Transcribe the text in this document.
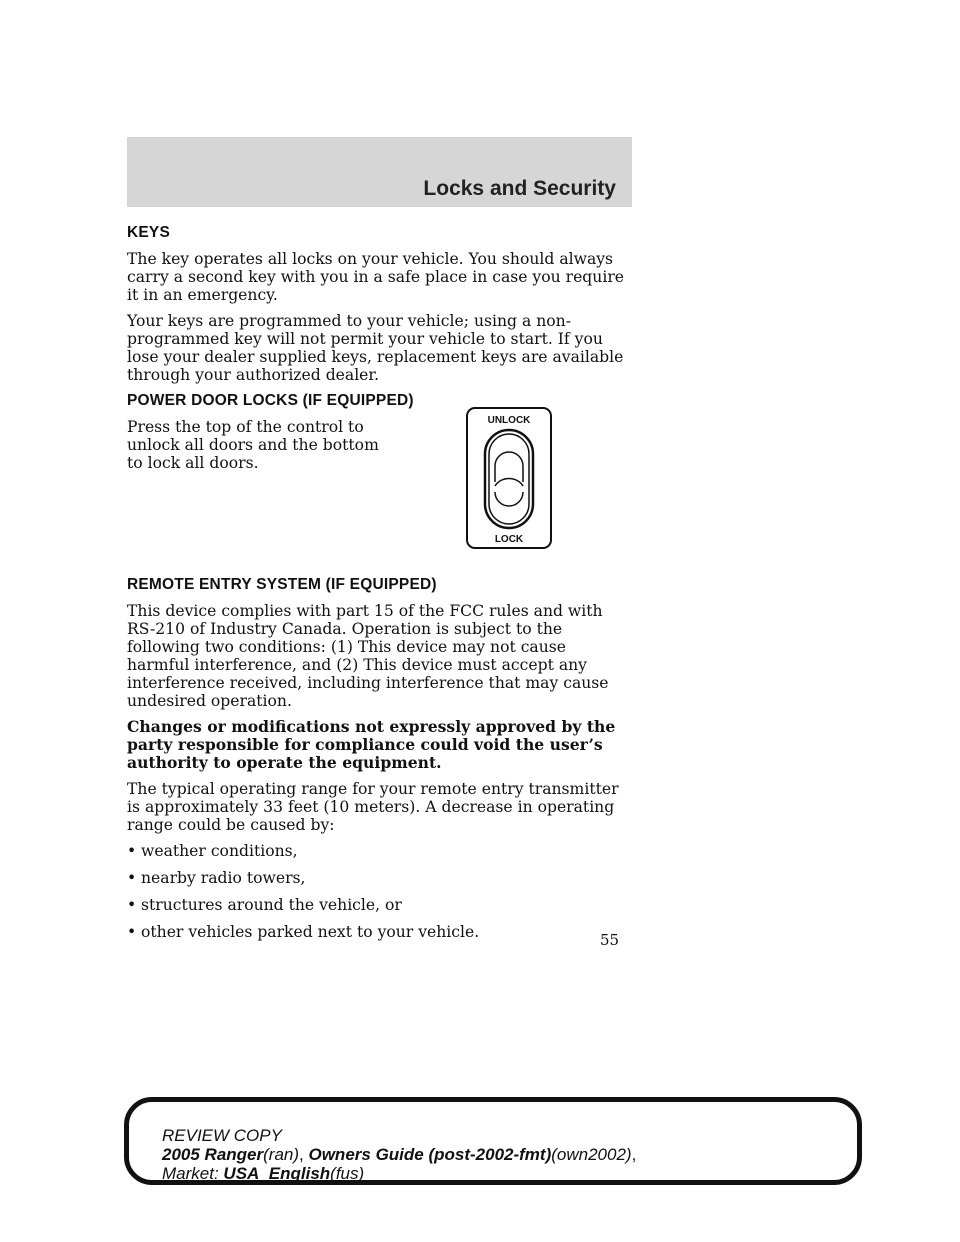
Locks and Security
KEYS

The key operates all locks on your vehicle. You should always carry a second key with you in a safe place in case you require it in an emergency.

Your keys are programmed to your vehicle; using a non-programmed key will not permit your vehicle to start. If you lose your dealer supplied keys, replacement keys are available through your authorized dealer.

POWER DOOR LOCKS (IF EQUIPPED)

Press the top of the control to unlock all doors and the bottom to lock all doors.

UNLOCK
LOCK
REMOTE ENTRY SYSTEM (IF EQUIPPED)

This device complies with part 15 of the FCC rules and with RS-210 of Industry Canada. Operation is subject to the following two conditions: (1) This device may not cause harmful interference, and (2) This device must accept any interference received, including interference that may cause undesired operation.

Changes or modifications not expressly approved by the party responsible for compliance could void the user’s authority to operate the equipment.

The typical operating range for your remote entry transmitter is approximately 33 feet (10 meters). A decrease in operating range could be caused by:

• weather conditions,
• nearby radio towers,
• structures around the vehicle, or
• other vehicles parked next to your vehicle.	55
REVIEW COPY
2005 Ranger(ran), Owners Guide (post-2002-fmt)(own2002),
Market: USA_English(fus)
